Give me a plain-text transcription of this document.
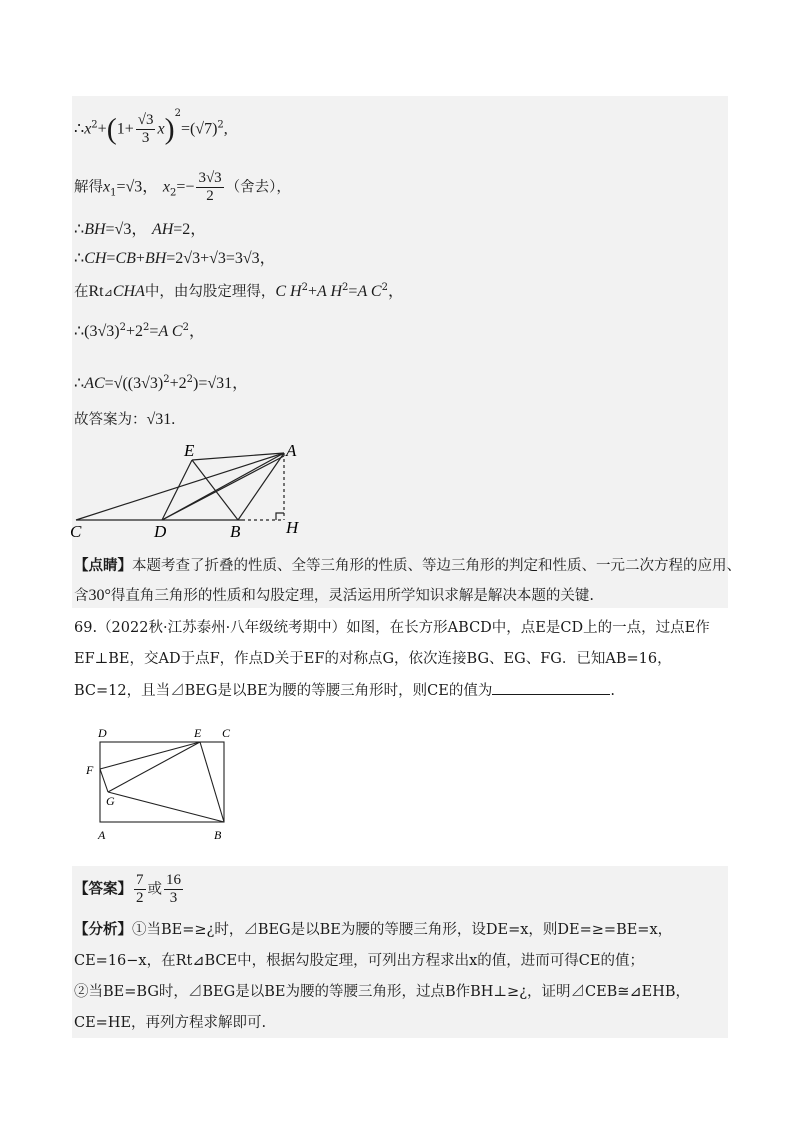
$\therefore x^2+(1+ \frac{√3}{3} x)^2=(√7)^2$,
解得$x_1=√3$， $x_2=- \frac{3√3}{2}$ （舍去），
∴BH=√3， AH=2，
∴CH=CB+BH=2√3+√3=3√3，
在Rt⊿CHA中，由勾股定理得，C $H^2+A$ $H^2=A$ $C^2$，
$\therefore(3√3)^2+2^2=A$ $C^2$，
$\therefore AC=√((3√3)^2+2^2)=√31$，
故答案为：√31.
E	A
C	D	B	H
【点睛】本题考查了折叠的性质、全等三角形的性质、等边三角形的判定和性质、一元二次方程的应用、
含30°得直角三角形的性质和勾股定理，灵活运用所学知识求解是解决本题的关键.
69.（2022秋·江苏泰州·八年级统考期中）如图，在长方形ABCD中，点E是CD上的一点，过点E作
EF⊥BE，交AD于点F，作点D关于EF的对称点G，依次连接BG、EG、FG．已知AB=16，
BC=12，且当⊿BEG是以BE为腰的等腰三角形时，则CE的值为	.
D	E C
F
G
A	B
【答案】 $\frac{7}{2}$ 或 $\frac{16}{3}$
【分析】①当BE=≥¿时，⊿BEG是以BE为腰的等腰三角形，设DE=x，则DE=≥=BE=x，
CE=16−x，在Rt⊿BCE中，根据勾股定理，可列出方程求出x的值，进而可得CE的值；
②当BE=BG时，⊿BEG是以BE为腰的等腰三角形，过点B作BH⊥≥¿，证明⊿CEB≅⊿EHB，
CE=HE，再列方程求解即可.
